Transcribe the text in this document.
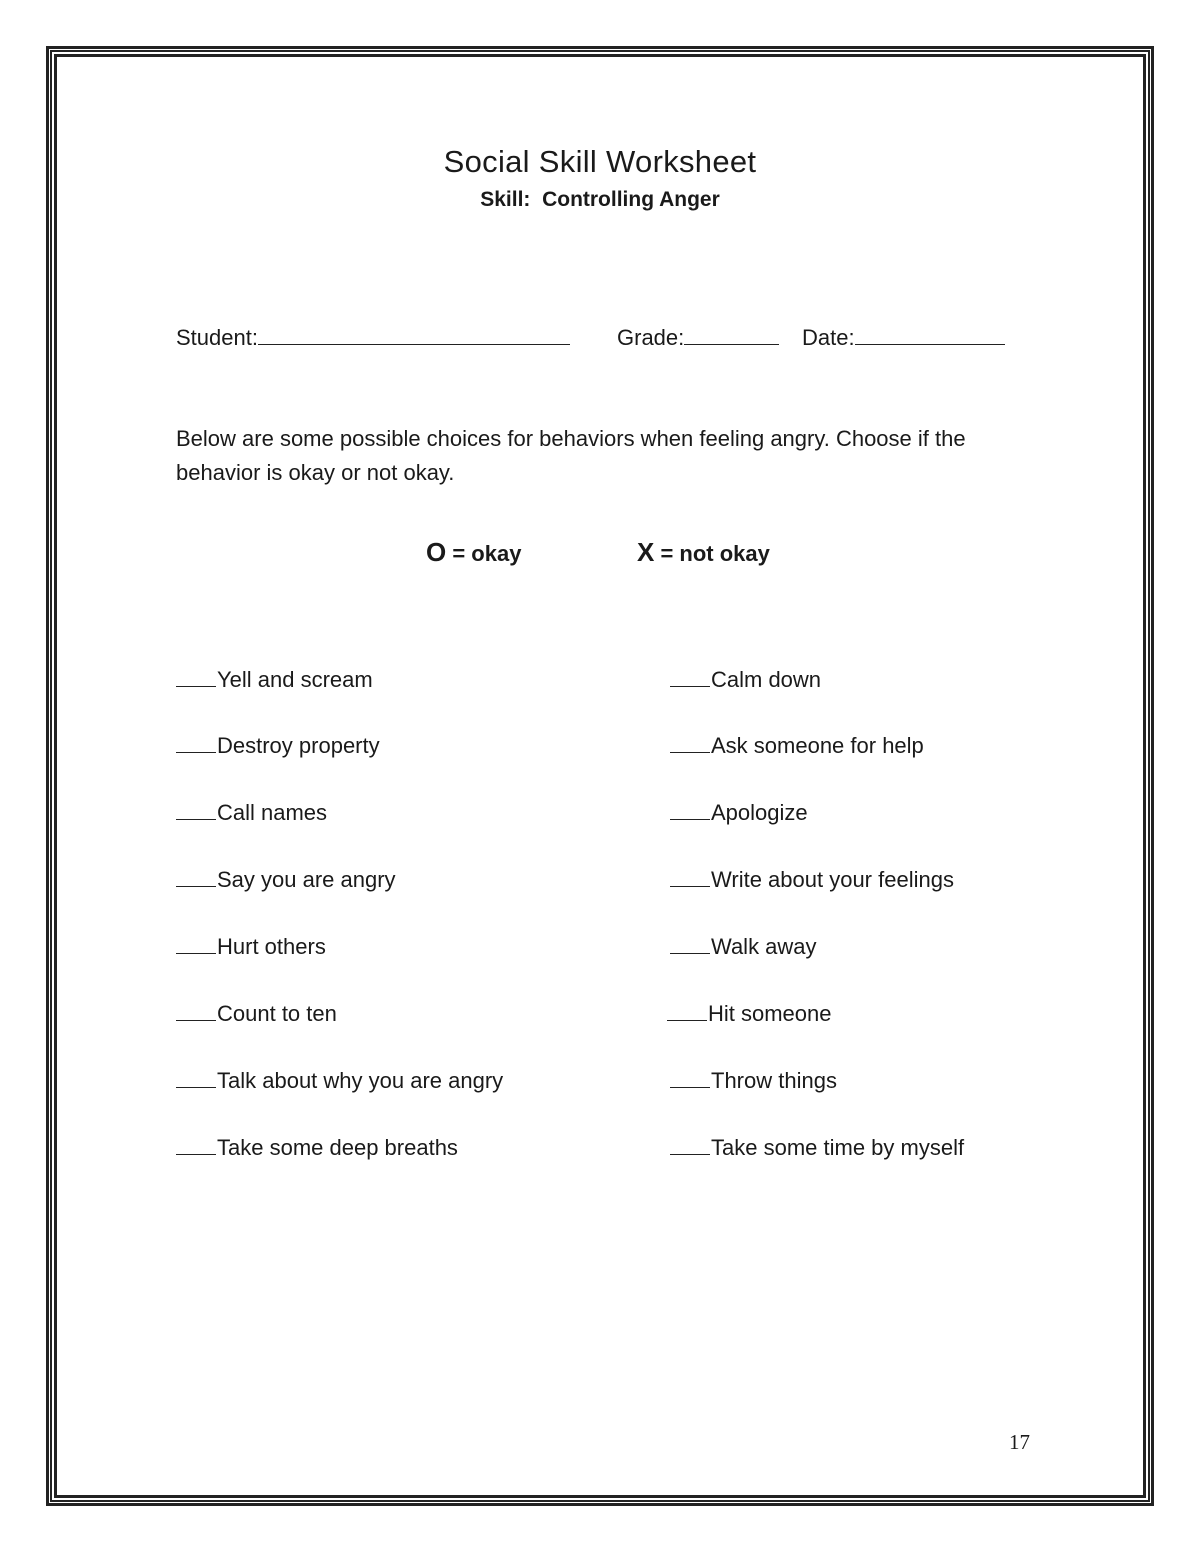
Social Skill Worksheet
Skill:  Controlling Anger
Student:	Grade:	Date:
Below are some possible choices for behaviors when feeling angry. Choose if the behavior is okay or not okay.
O = okay	X = not okay
Yell and scream
Destroy property
Call names
Say you are angry
Hurt others
Count to ten
Talk about why you are angry
Take some deep breaths
Calm down
Ask someone for help
Apologize
Write about your feelings
Walk away
Hit someone
Throw things
Take some time by myself
17
